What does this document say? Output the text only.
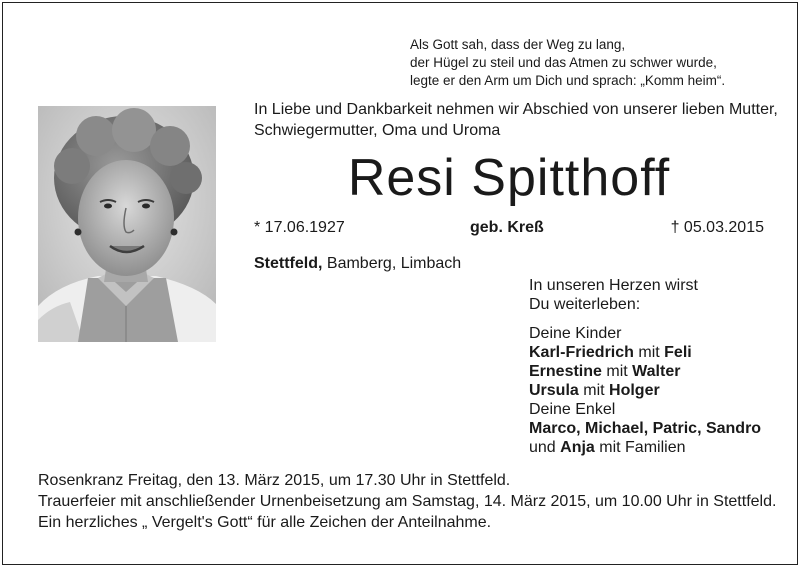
Als Gott sah, dass der Weg zu lang,
der Hügel zu steil und das Atmen zu schwer wurde,
legte er den Arm um Dich und sprach: „Komm heim“.
In Liebe und Dankbarkeit nehmen wir Abschied von unserer lieben Mutter,
Schwiegermutter, Oma und Uroma
Resi Spitthoff
* 17.06.1927	geb. Kreß	† 05.03.2015
Stettfeld, Bamberg, Limbach
In unseren Herzen wirst
Du weiterleben:
Deine Kinder
Karl-Friedrich mit Feli
Ernestine mit Walter
Ursula mit Holger
Deine Enkel
Marco, Michael, Patric, Sandro
und Anja mit Familien
Rosenkranz Freitag, den 13. März 2015, um 17.30 Uhr in Stettfeld.
Trauerfeier mit anschließender Urnenbeisetzung am Samstag, 14. März 2015, um 10.00 Uhr in Stettfeld.
Ein herzliches „ Vergelt's Gott“ für alle Zeichen der Anteilnahme.
